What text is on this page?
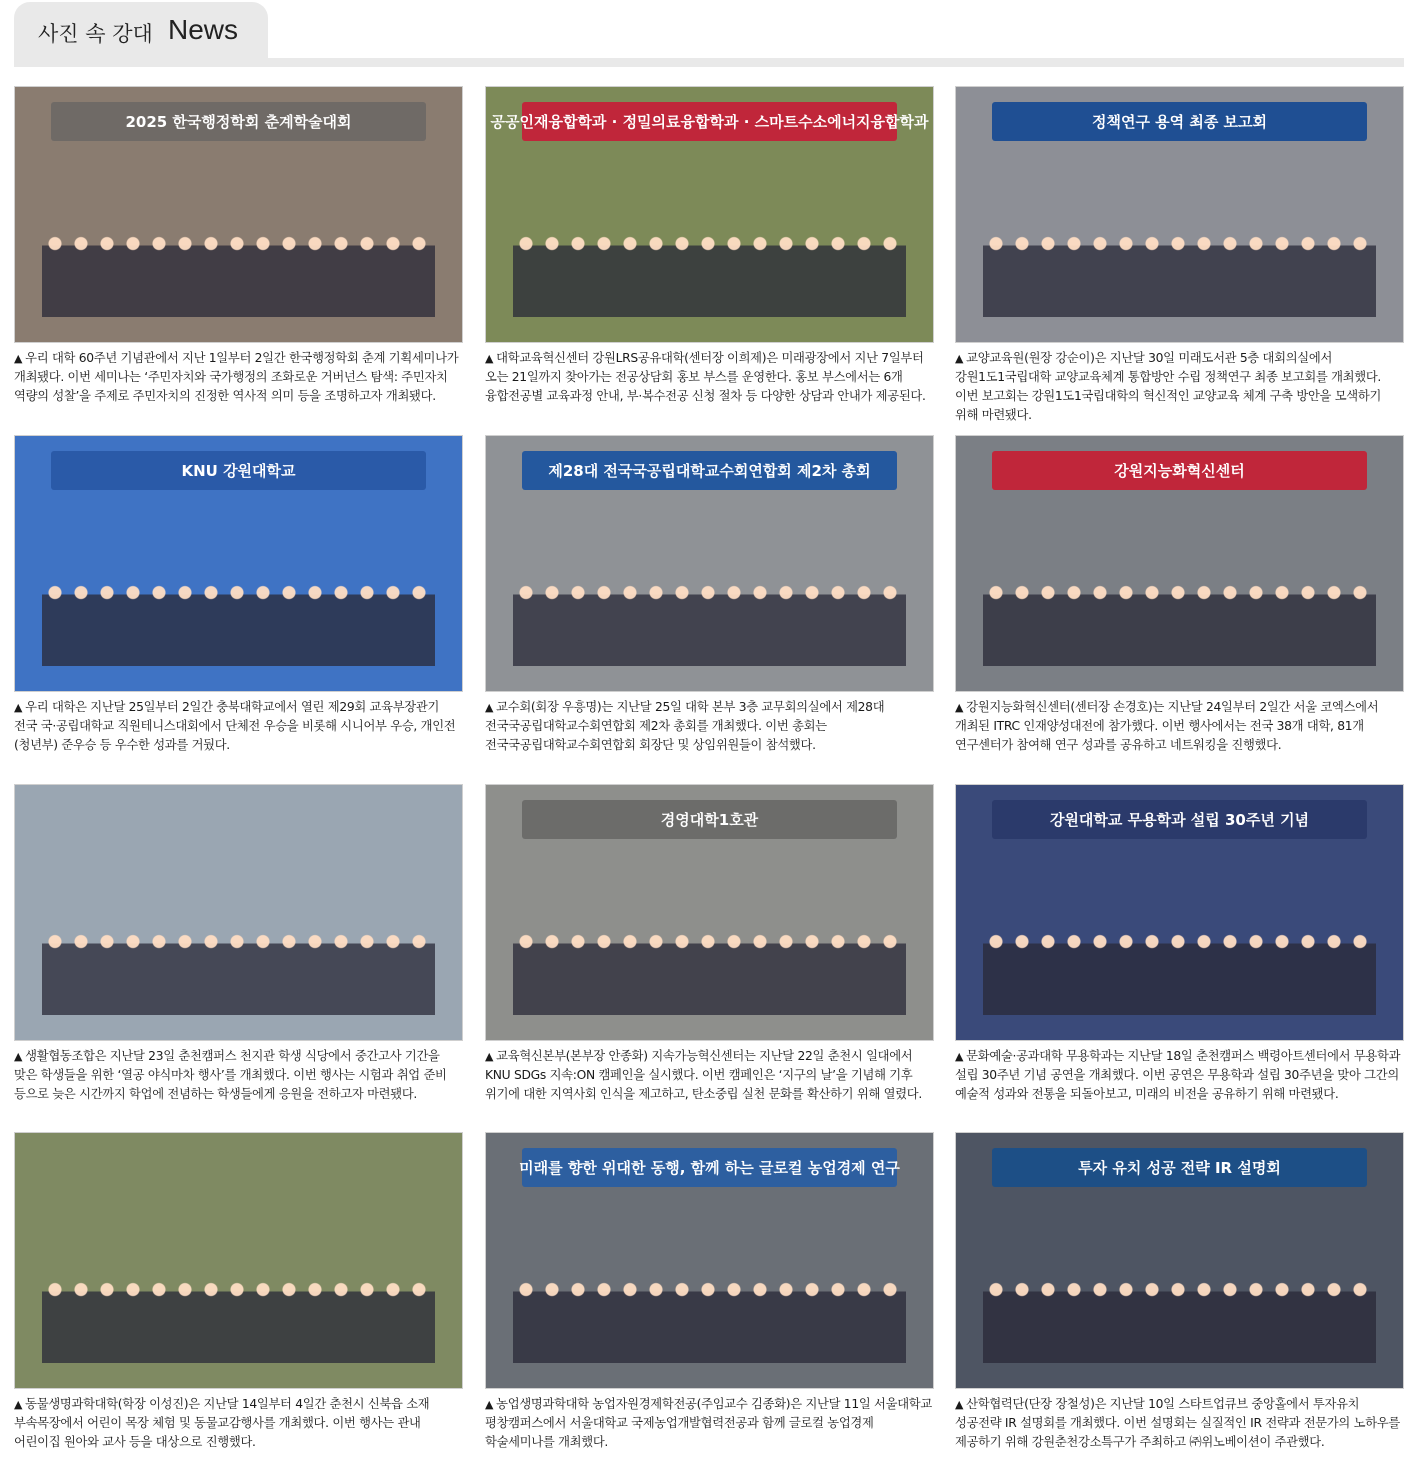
사진 속 강대 News
2025 한국행정학회 춘계학술대회
▲ 우리 대학 60주년 기념관에서 지난 1일부터 2일간 한국행정학회 춘계 기획세미나가 개최됐다. 이번 세미나는 ‘주민자치와 국가행정의 조화로운 거버넌스 탐색: 주민자치 역량의 성찰’을 주제로 주민자치의 진정한 역사적 의미 등을 조명하고자 개최됐다.
공공인재융합학과 · 정밀의료융합학과 · 스마트수소에너지융합학과
▲ 대학교육혁신센터 강원LRS공유대학(센터장 이희제)은 미래광장에서 지난 7일부터 오는 21일까지 찾아가는 전공상담회 홍보 부스를 운영한다. 홍보 부스에서는 6개 융합전공별 교육과정 안내, 부·복수전공 신청 절차 등 다양한 상담과 안내가 제공된다.
정책연구 용역 최종 보고회
▲ 교양교육원(원장 강순이)은 지난달 30일 미래도서관 5층 대회의실에서 강원1도1국립대학 교양교육체계 통합방안 수립 정책연구 최종 보고회를 개최했다. 이번 보고회는 강원1도1국립대학의 혁신적인 교양교육 체계 구축 방안을 모색하기 위해 마련됐다.
KNU 강원대학교
▲ 우리 대학은 지난달 25일부터 2일간 충북대학교에서 열린 제29회 교육부장관기 전국 국·공립대학교 직원테니스대회에서 단체전 우승을 비롯해 시니어부 우승, 개인전(청년부) 준우승 등 우수한 성과를 거뒀다.
제28대 전국국공립대학교수회연합회 제2차 총회
▲ 교수회(회장 우흥명)는 지난달 25일 대학 본부 3층 교무회의실에서 제28대 전국국공립대학교수회연합회 제2차 총회를 개최했다. 이번 총회는 전국국공립대학교수회연합회 회장단 및 상임위원들이 참석했다.
강원지능화혁신센터
▲ 강원지능화혁신센터(센터장 손경호)는 지난달 24일부터 2일간 서울 코엑스에서 개최된 ITRC 인재양성대전에 참가했다. 이번 행사에서는 전국 38개 대학, 81개 연구센터가 참여해 연구 성과를 공유하고 네트워킹을 진행했다.
▲ 생활협동조합은 지난달 23일 춘천캠퍼스 천지관 학생 식당에서 중간고사 기간을 맞은 학생들을 위한 ‘열공 야식마차 행사’를 개최했다. 이번 행사는 시험과 취업 준비 등으로 늦은 시간까지 학업에 전념하는 학생들에게 응원을 전하고자 마련됐다.
경영대학1호관
▲ 교육혁신본부(본부장 안종화) 지속가능혁신센터는 지난달 22일 춘천시 일대에서 KNU SDGs 지속:ON 캠페인을 실시했다. 이번 캠페인은 ‘지구의 날’을 기념해 기후 위기에 대한 지역사회 인식을 제고하고, 탄소중립 실천 문화를 확산하기 위해 열렸다.
강원대학교 무용학과 설립 30주년 기념
▲ 문화예술·공과대학 무용학과는 지난달 18일 춘천캠퍼스 백령아트센터에서 무용학과 설립 30주년 기념 공연을 개최했다. 이번 공연은 무용학과 설립 30주년을 맞아 그간의 예술적 성과와 전통을 되돌아보고, 미래의 비전을 공유하기 위해 마련됐다.
▲ 동물생명과학대학(학장 이성진)은 지난달 14일부터 4일간 춘천시 신북읍 소재 부속목장에서 어린이 목장 체험 및 동물교감행사를 개최했다. 이번 행사는 관내 어린이집 원아와 교사 등을 대상으로 진행했다.
미래를 향한 위대한 동행, 함께 하는 글로컬 농업경제 연구
▲ 농업생명과학대학 농업자원경제학전공(주임교수 김종화)은 지난달 11일 서울대학교 평창캠퍼스에서 서울대학교 국제농업개발협력전공과 함께 글로컬 농업경제 학술세미나를 개최했다.
투자 유치 성공 전략 IR 설명회
▲ 산학협력단(단장 장철성)은 지난달 10일 스타트업큐브 중앙홀에서 투자유치 성공전략 IR 설명회를 개최했다. 이번 설명회는 실질적인 IR 전략과 전문가의 노하우를 제공하기 위해 강원춘천강소특구가 주최하고 ㈜위노베이션이 주관했다.
